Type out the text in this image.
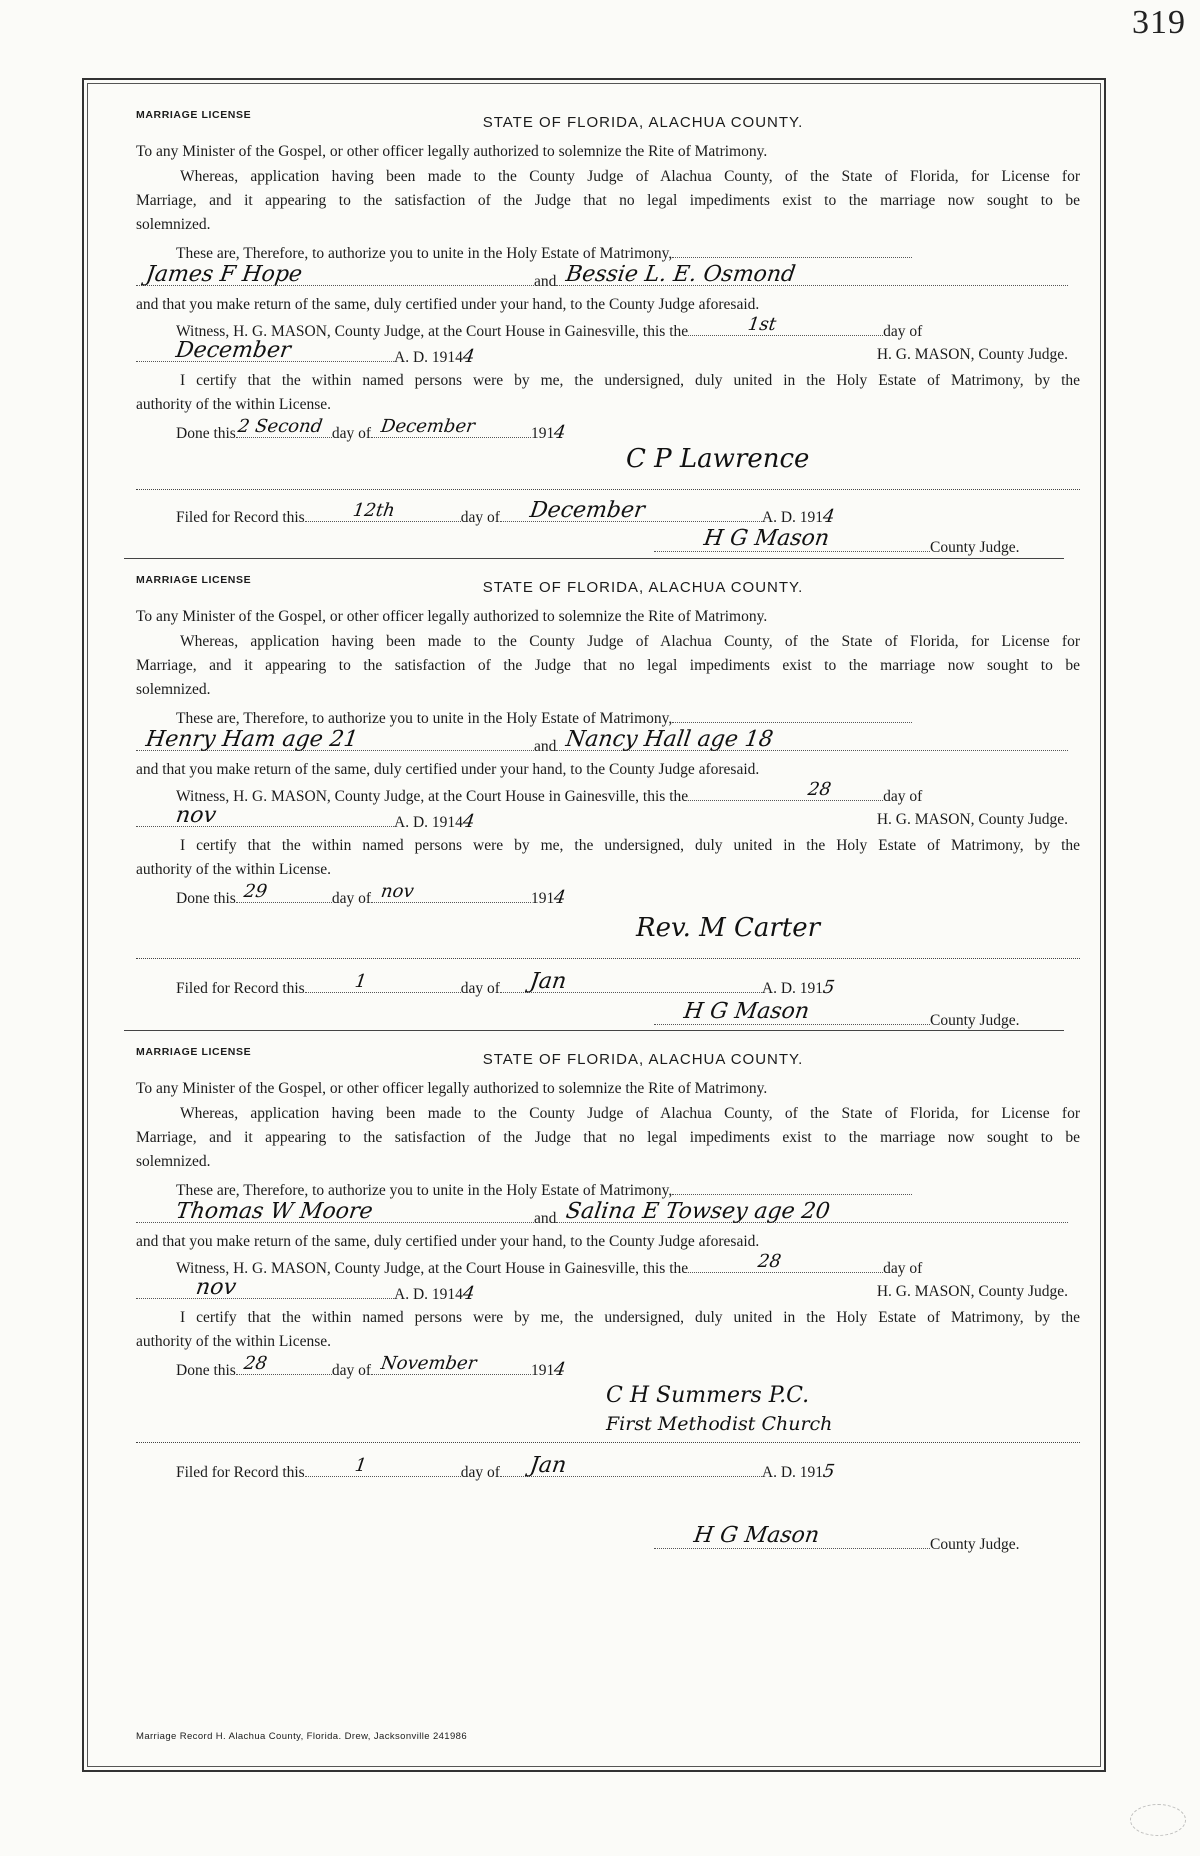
319
MARRIAGE LICENSE	STATE OF FLORIDA, ALACHUA COUNTY.
To any Minister of the Gospel, or other officer legally authorized to solemnize the Rite of Matrimony.
Whereas, application having been made to the County Judge of Alachua County, of the State of Florida, for License for
Marriage, and it appearing to the satisfaction of the Judge that no legal impediments exist to the marriage now sought to be
solemnized.
These are, Therefore, to authorize you to unite in the Holy Estate of Matrimony,
James F Hope	and Bessie L. E. Osmond
and that you make return of the same, duly certified under your hand, to the County Judge aforesaid.
Witness, H. G. MASON, County Judge, at the Court House in Gainesville, this the	1st	day of
December	A. D. 19144	H. G. MASON, County Judge.
I certify that the within named persons were by me, the undersigned, duly united in the Holy Estate of Matrimony, by the
authority of the within License.
Done this 2 Second day of December	1914
C P Lawrence
Filed for Record this	12th	day of December	A. D. 1914
H G Mason	County Judge.
MARRIAGE LICENSE	STATE OF FLORIDA, ALACHUA COUNTY.
To any Minister of the Gospel, or other officer legally authorized to solemnize the Rite of Matrimony.
Whereas, application having been made to the County Judge of Alachua County, of the State of Florida, for License for
Marriage, and it appearing to the satisfaction of the Judge that no legal impediments exist to the marriage now sought to be
solemnized.
These are, Therefore, to authorize you to unite in the Holy Estate of Matrimony,
Henry Ham age 21	and Nancy Hall age 18
and that you make return of the same, duly certified under your hand, to the County Judge aforesaid.
Witness, H. G. MASON, County Judge, at the Court House in Gainesville, this the	28	day of
nov	A. D. 19144	H. G. MASON, County Judge.
I certify that the within named persons were by me, the undersigned, duly united in the Holy Estate of Matrimony, by the
authority of the within License.
Done this 29	day of nov	1914
Rev. M Carter
Filed for Record this	1	day of Jan	A. D. 1915
H G Mason	County Judge.
MARRIAGE LICENSE	STATE OF FLORIDA, ALACHUA COUNTY.
To any Minister of the Gospel, or other officer legally authorized to solemnize the Rite of Matrimony.
Whereas, application having been made to the County Judge of Alachua County, of the State of Florida, for License for
Marriage, and it appearing to the satisfaction of the Judge that no legal impediments exist to the marriage now sought to be
solemnized.
These are, Therefore, to authorize you to unite in the Holy Estate of Matrimony,
Thomas W Moore	and Salina E Towsey age 20
and that you make return of the same, duly certified under your hand, to the County Judge aforesaid.
Witness, H. G. MASON, County Judge, at the Court House in Gainesville, this the	28	day of
nov	A. D. 19144	H. G. MASON, County Judge.
I certify that the within named persons were by me, the undersigned, duly united in the Holy Estate of Matrimony, by the
authority of the within License.
Done this 28	day of November	1914
C H Summers P.C.
First Methodist Church
Filed for Record this	1	day of Jan	A. D. 1915
H G Mason	County Judge.
Marriage Record H. Alachua County, Florida. Drew, Jacksonville 241986
